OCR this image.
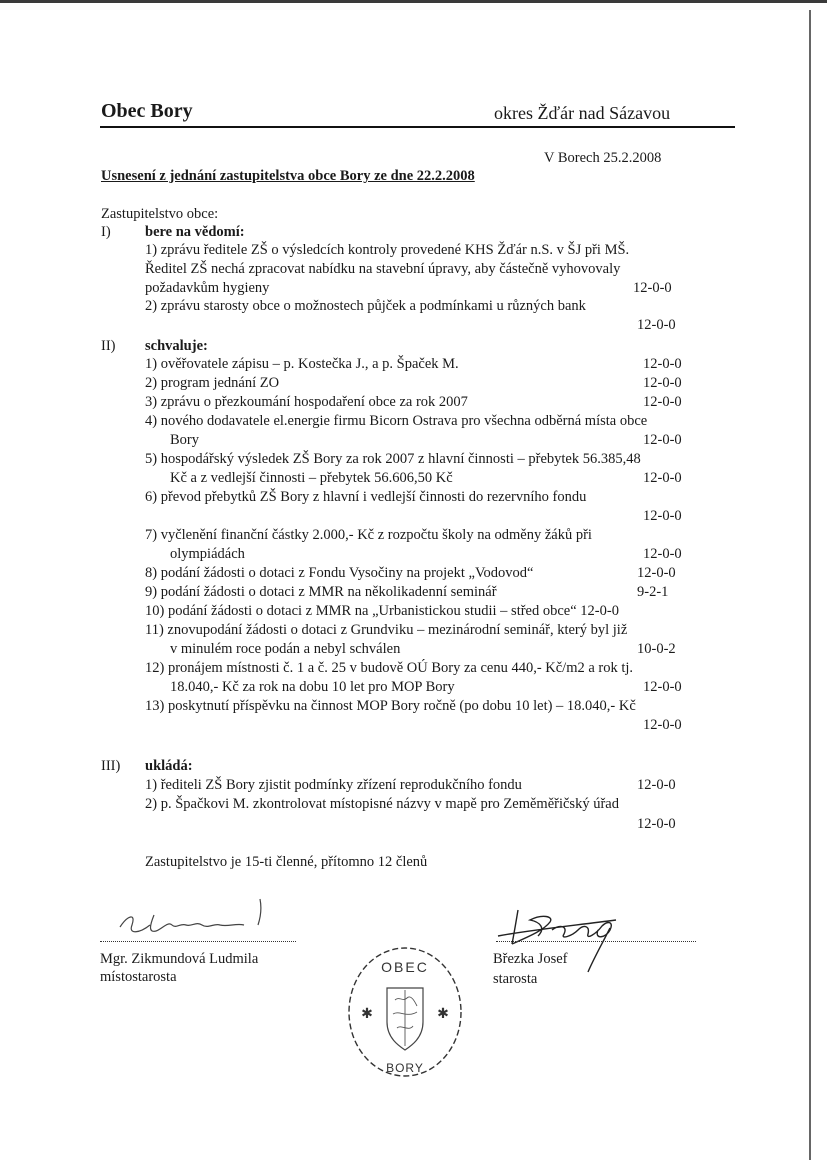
Obec Bory	okres Žďár nad Sázavou
V Borech 25.2.2008
Usnesení z jednání zastupitelstva obce Bory ze dne 22.2.2008
Zastupitelstvo obce:
I) bere na vědomí:
1) zprávu ředitele ZŠ o výsledcích kontroly provedené KHS Žďár n.S. v ŠJ při MŠ.
Ředitel ZŠ nechá zpracovat nabídku na stavební úpravy, aby částečně vyhovovaly
požadavkům hygieny	12-0-0
2) zprávu starosty obce o možnostech půjček a podmínkami u různých bank
12-0-0
II) schvaluje:
1) ověřovatele zápisu – p. Kostečka J., a p. Špaček M.	12-0-0
2) program jednání ZO	12-0-0
3) zprávu o přezkoumání hospodaření obce za rok 2007	12-0-0
4) nového dodavatele el.energie firmu Bicorn Ostrava pro všechna odběrná místa obce
Bory	12-0-0
5) hospodářský výsledek ZŠ Bory za rok 2007 z hlavní činnosti – přebytek 56.385,48
Kč a z vedlejší činnosti – přebytek 56.606,50 Kč	12-0-0
6) převod přebytků ZŠ Bory z hlavní i vedlejší činnosti do rezervního fondu
12-0-0
7) vyčlenění finanční částky 2.000,- Kč z rozpočtu školy na odměny žáků při
olympiádách	12-0-0
8) podání žádosti o dotaci z Fondu Vysočiny na projekt „Vodovod“	12-0-0
9) podání žádosti o dotaci z MMR na několikadenní seminář	9-2-1
10) podání žádosti o dotaci z MMR na „Urbanistickou studii – střed obce“ 12-0-0
11) znovupodání žádosti o dotaci z Grundviku – mezinárodní seminář, který byl již
v minulém roce podán a nebyl schválen	10-0-2
12) pronájem místnosti č. 1 a č. 25 v budově OÚ Bory za cenu 440,- Kč/m2 a rok tj.
18.040,- Kč za rok na dobu 10 let pro MOP Bory	12-0-0
13) poskytnutí příspěvku na činnost MOP Bory ročně (po dobu 10 let) – 18.040,- Kč
12-0-0
III) ukládá:
1) řediteli ZŠ Bory zjistit podmínky zřízení reprodukčního fondu	12-0-0
2) p. Špačkovi M. zkontrolovat místopisné názvy v mapě pro Zeměměřičský úřad
12-0-0
Zastupitelstvo je 15-ti členné, přítomno 12 členů
Mgr. Zikmundová Ludmila
místostarosta
Březka Josef
starosta
OBEC
BORY
✱	✱
